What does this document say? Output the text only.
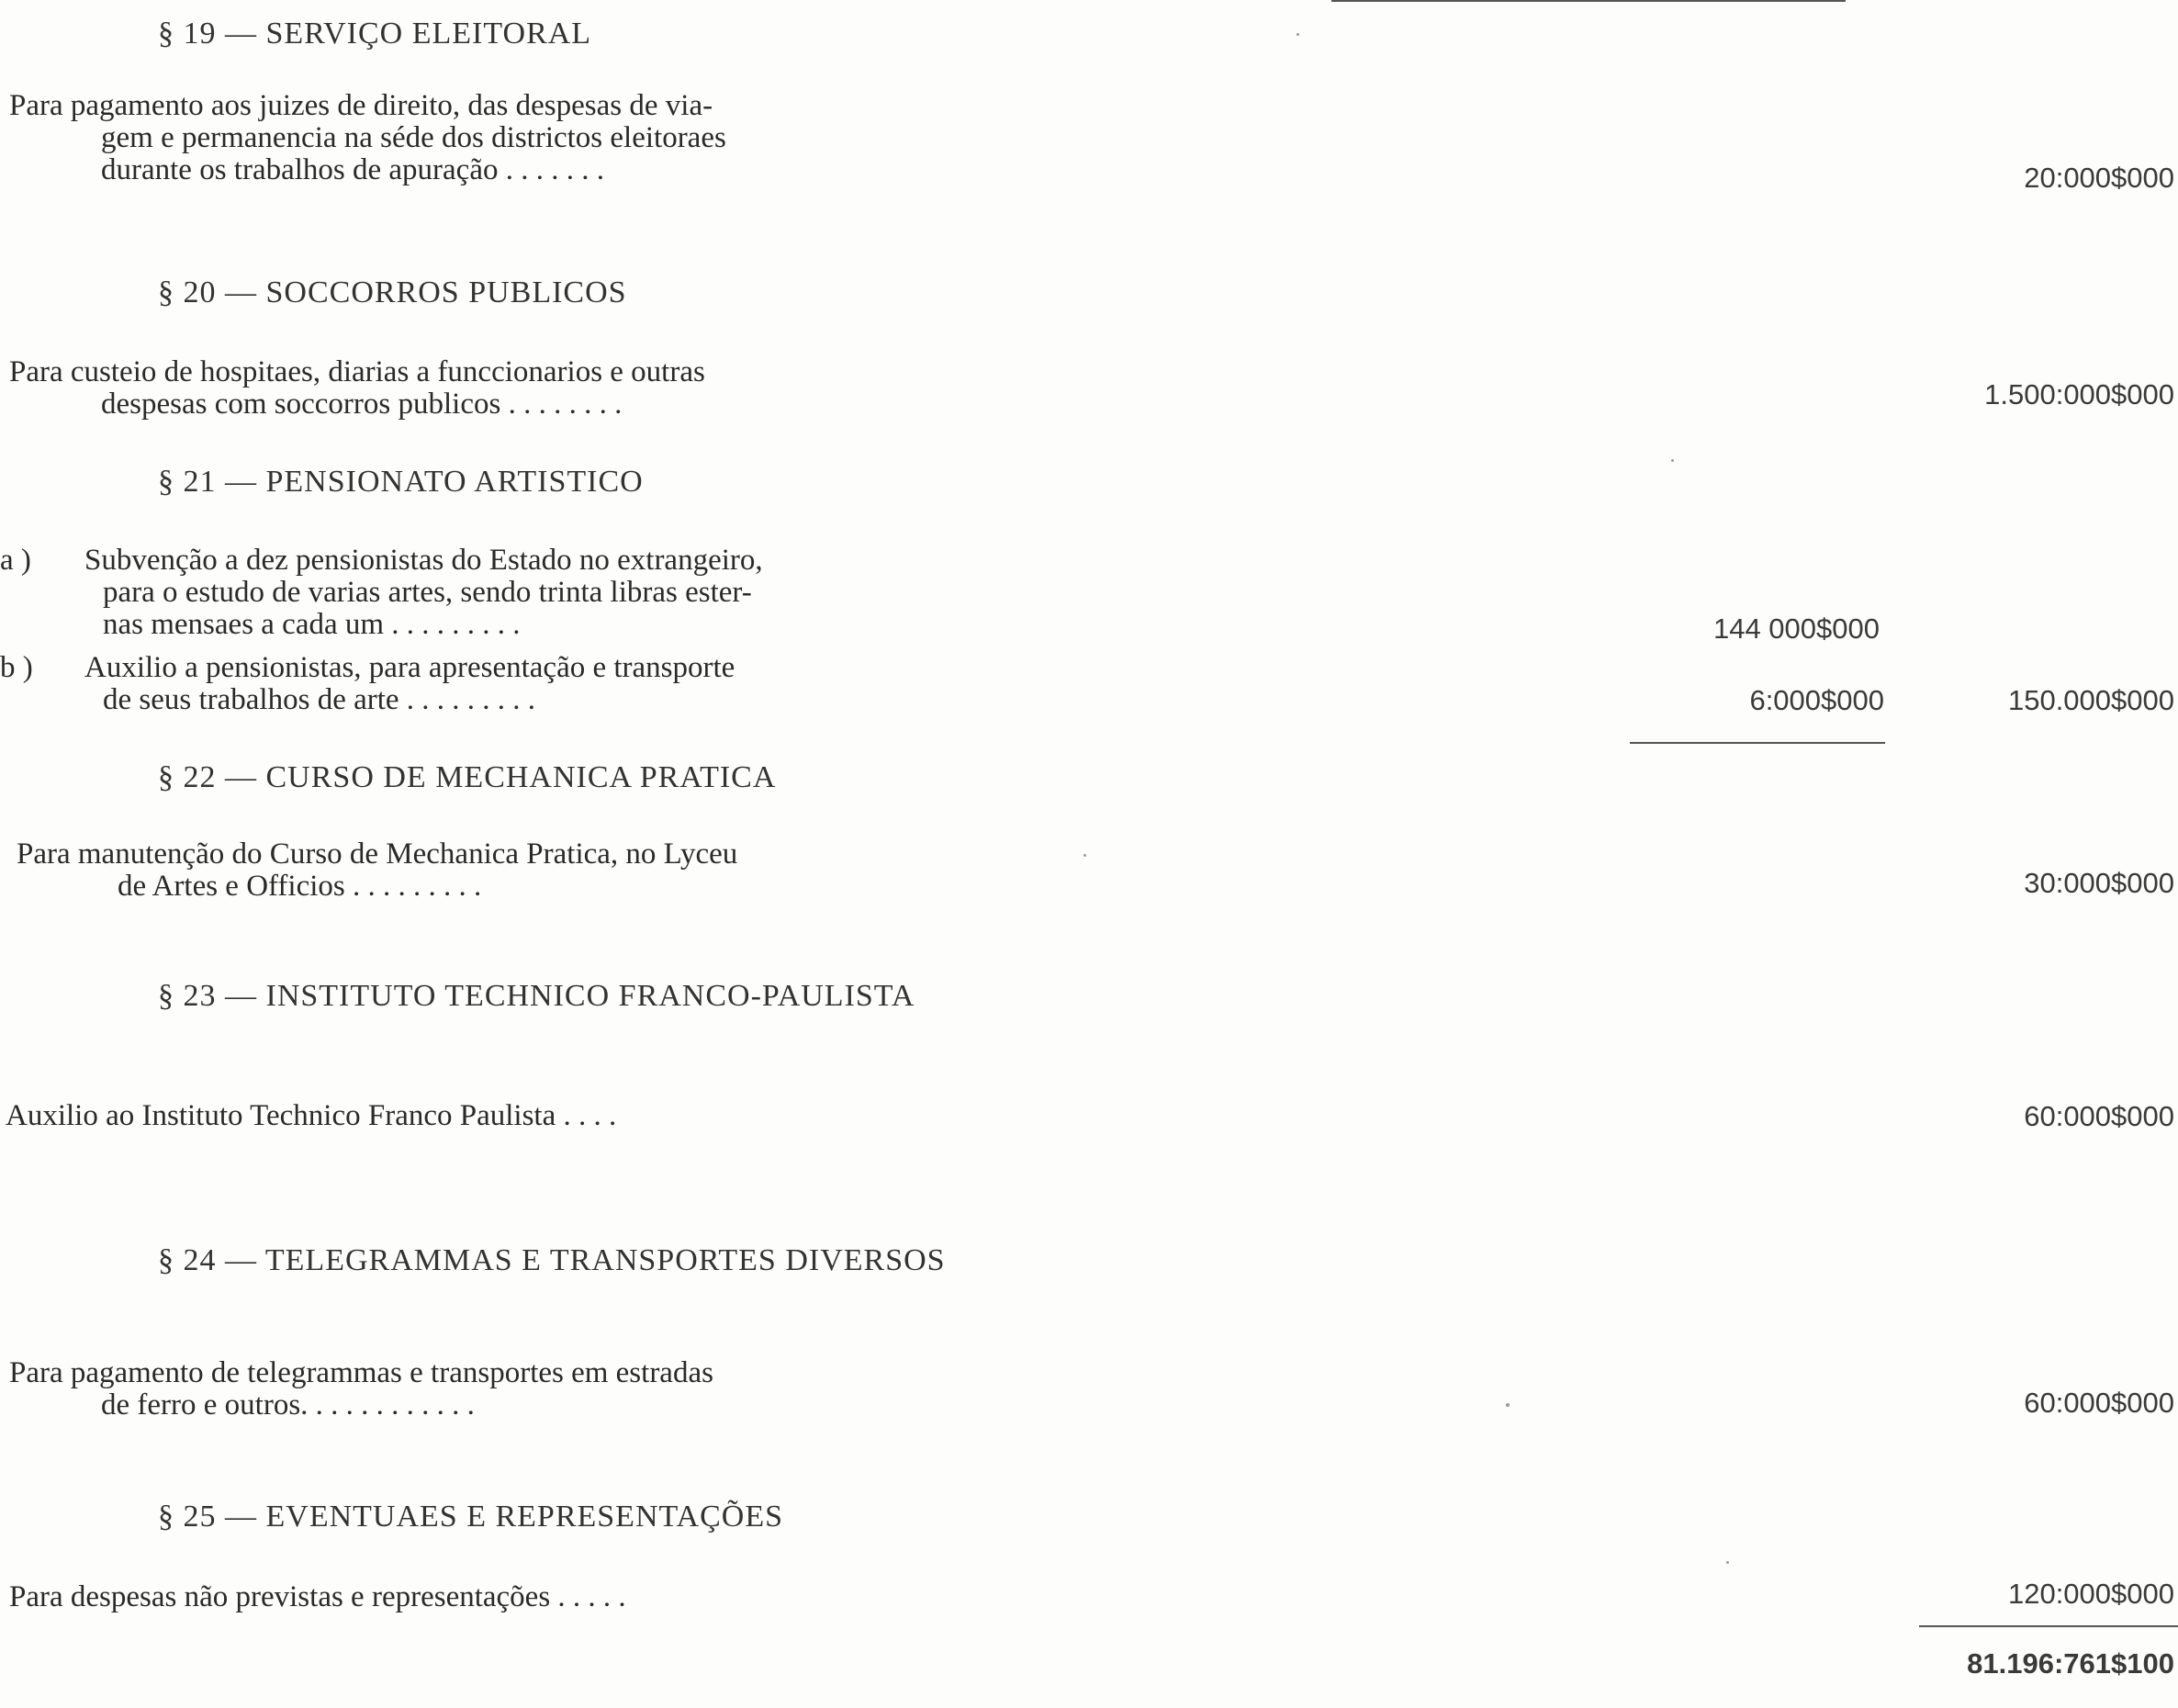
§ 19 — SERVIÇO ELEITORAL
Para pagamento aos juizes de direito, das despesas de via-
gem e permanencia na séde dos districtos eleitoraes
durante os trabalhos de apuração . . . . . . .	20:000$000
§ 20 — SOCCORROS PUBLICOS
Para custeio de hospitaes, diarias a funccionarios e outras
despesas com soccorros publicos . . . . . . . .	1.500:000$000
§ 21 — PENSIONATO ARTISTICO
a ) Subvenção a dez pensionistas do Estado no extrangeiro,
para o estudo de varias artes, sendo trinta libras ester-
nas mensaes a cada um . . . . . . . . .	144 000$000
b ) Auxilio a pensionistas, para apresentação e transporte
de seus trabalhos de arte . . . . . . . . .	6:000$000	150.000$000
§ 22 — CURSO DE MECHANICA PRATICA
Para manutenção do Curso de Mechanica Pratica, no Lyceu
de Artes e Officios . . . . . . . . .	30:000$000
§ 23 — INSTITUTO TECHNICO FRANCO-PAULISTA
Auxilio ao Instituto Technico Franco Paulista . . . .	60:000$000
§ 24 — TELEGRAMMAS E TRANSPORTES DIVERSOS
Para pagamento de telegrammas e transportes em estradas
de ferro e outros. . . . . . . . . . . .	60:000$000
§ 25 — EVENTUAES E REPRESENTAÇÕES
Para despesas não previstas e representações . . . . .	120:000$000
81.196:761$100
